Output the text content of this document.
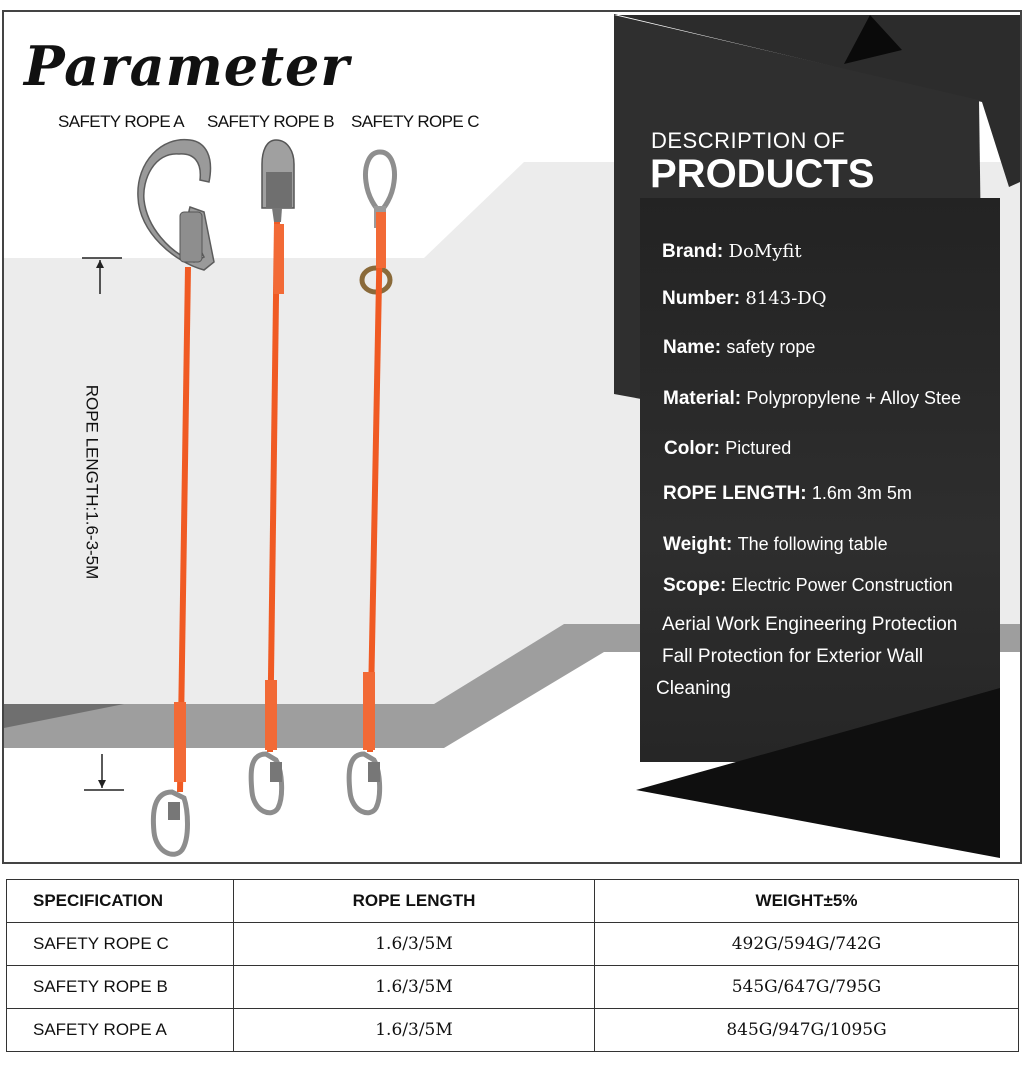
Parameter
SAFETY ROPE A SAFETY ROPE B SAFETY ROPE C
ROPE LENGTH:1.6-3-5M
DESCRIPTION OF
PRODUCTS
Brand: DoMyfit
Number: 8143-DQ
Name: safety rope
Material: Polypropylene + Alloy Stee
Color: Pictured
ROPE LENGTH: 1.6m 3m 5m
Weight: The following table
Scope: Electric Power Construction
Aerial Work Engineering Protection
Fall Protection for Exterior Wall
Cleaning
SPECIFICATION	ROPE LENGTH	WEIGHT±5%
SAFETY ROPE C	1.6/3/5M	492G/594G/742G
SAFETY ROPE B	1.6/3/5M	545G/647G/795G
SAFETY ROPE A	1.6/3/5M	845G/947G/1095G
